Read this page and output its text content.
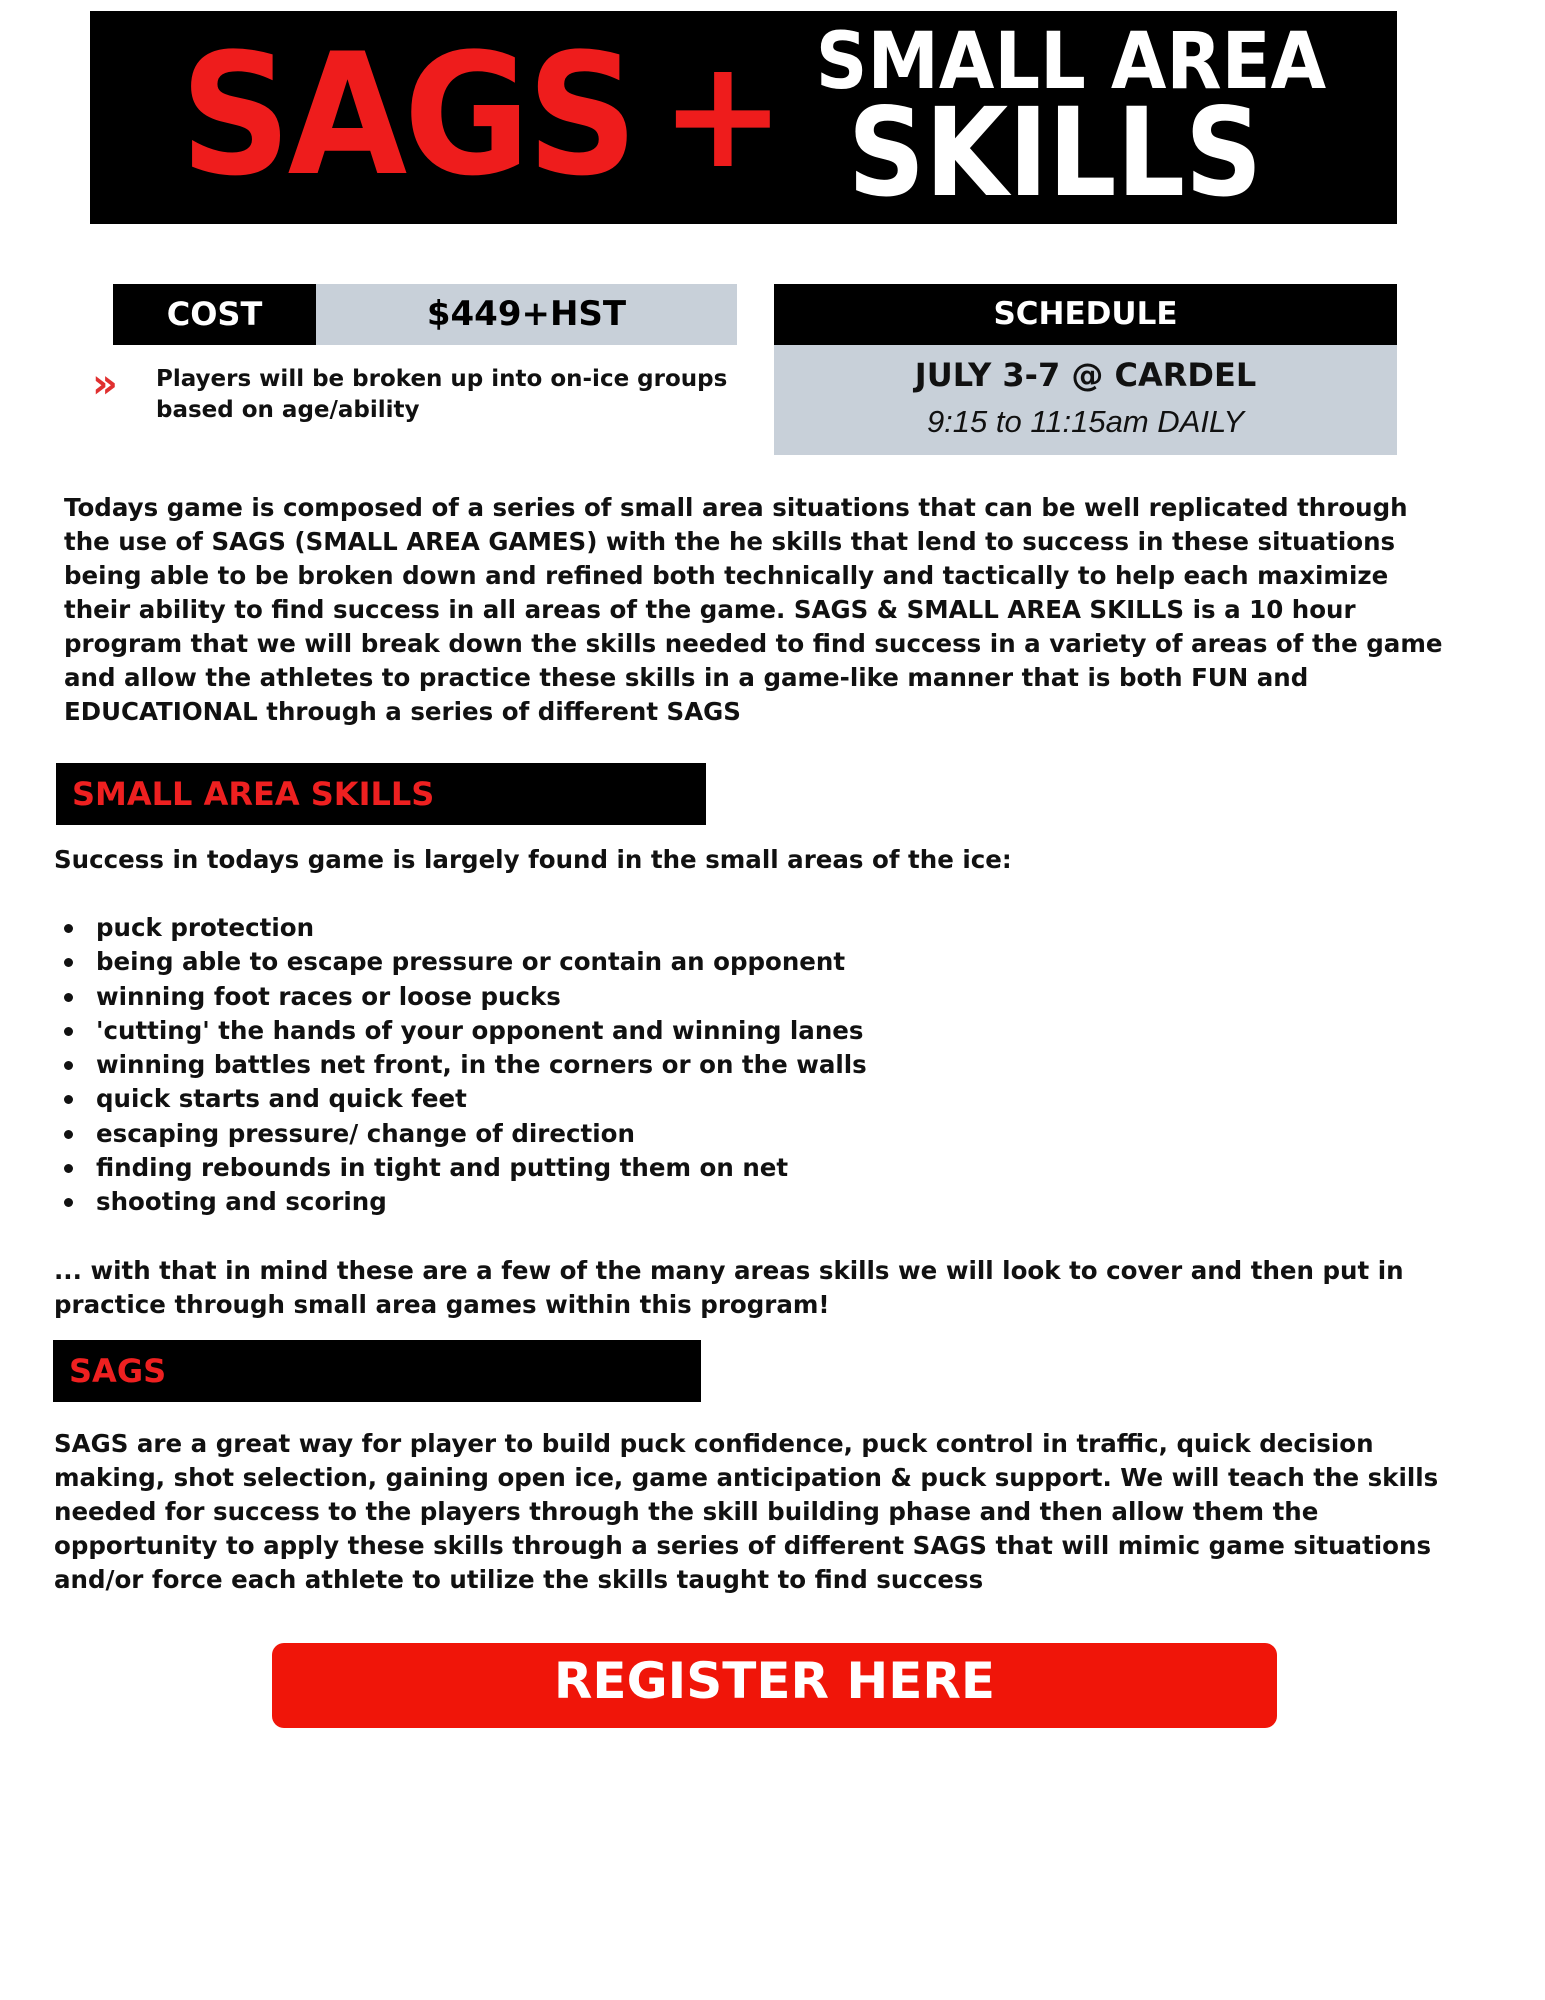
SAGS + SMALL AREA
SKILLS
COST	$449+HST
»	Players will be broken up into on-ice groups based on age/ability
SCHEDULE
JULY 3-7 @ CARDEL
9:15 to 11:15am DAILY
Todays game is composed of a series of small area situations that can be well replicated through the use of SAGS (SMALL AREA GAMES) with the he skills that lend to success in these situations being able to be broken down and refined both technically and tactically to help each maximize their ability to find success in all areas of the game. SAGS & SMALL AREA SKILLS is a 10 hour program that we will break down the skills needed to find success in a variety of areas of the game and allow the athletes to practice these skills in a game-like manner that is both FUN and EDUCATIONAL through a series of different SAGS
SMALL AREA SKILLS
Success in todays game is largely found in the small areas of the ice:
puck protection
being able to escape pressure or contain an opponent
winning foot races or loose pucks
'cutting' the hands of your opponent and winning lanes
winning battles net front, in the corners or on the walls
quick starts and quick feet
escaping pressure/ change of direction
finding rebounds in tight and putting them on net
shooting and scoring
... with that in mind these are a few of the many areas skills we will look to cover and then put in practice through small area games within this program!
SAGS
SAGS are a great way for player to build puck confidence, puck control in traffic, quick decision making, shot selection, gaining open ice, game anticipation & puck support. We will teach the skills needed for success to the players through the skill building phase and then allow them the opportunity to apply these skills through a series of different SAGS that will mimic game situations and/or force each athlete to utilize the skills taught to find success
REGISTER HERE
